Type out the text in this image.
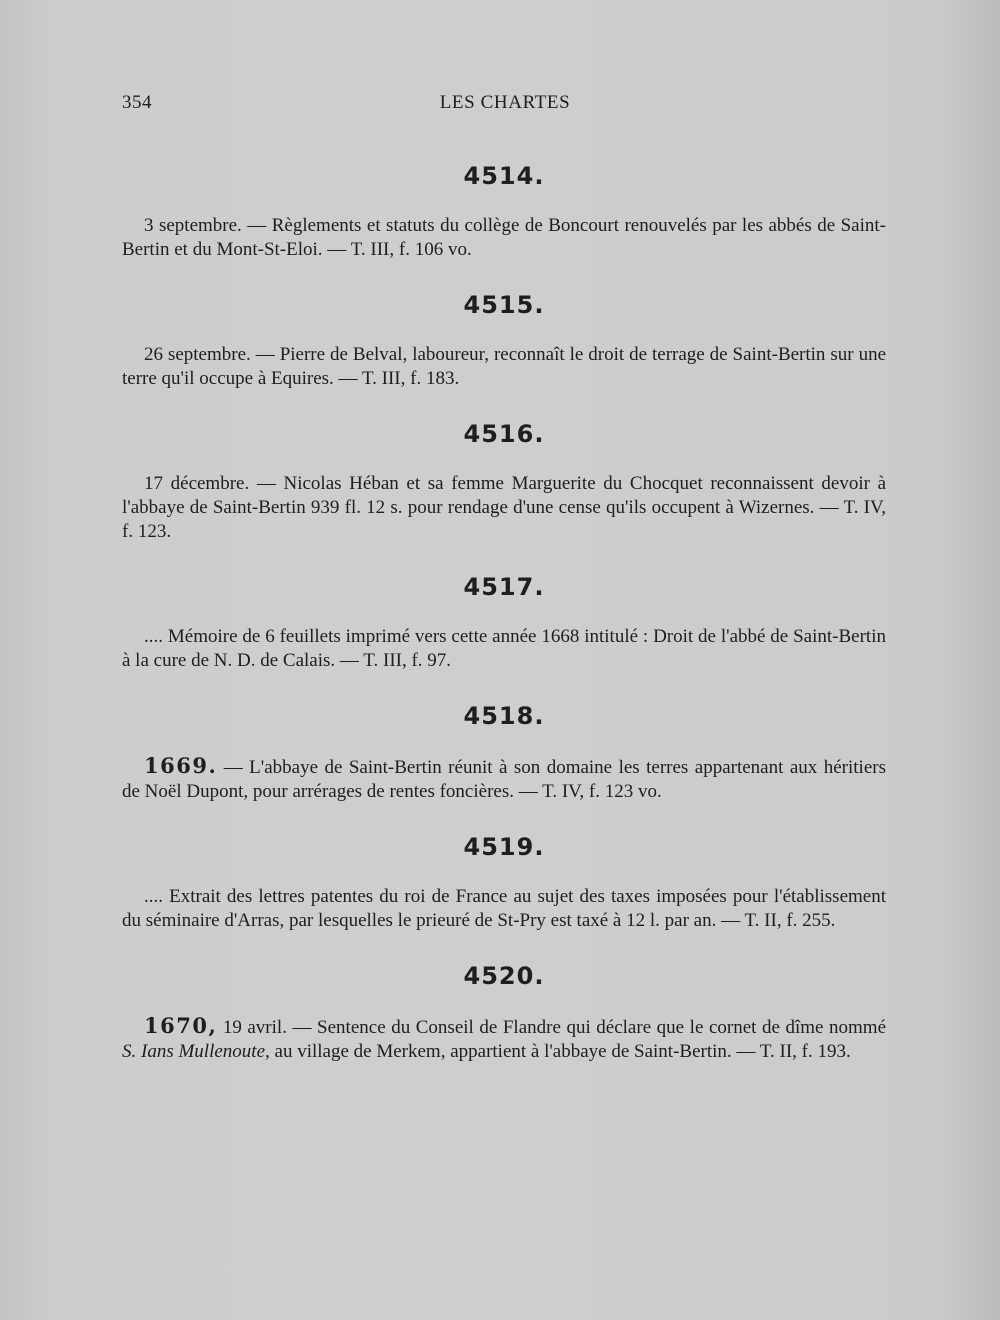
354	LES CHARTES
4514.

3 septembre. — Règlements et statuts du collège de Boncourt renouvelés par les abbés de Saint-Bertin et du Mont-St-Eloi. — T. III, f. 106 vo.

4515.

26 septembre. — Pierre de Belval, laboureur, reconnaît le droit de terrage de Saint-Bertin sur une terre qu'il occupe à Equires. — T. III, f. 183.

4516.

17 décembre. — Nicolas Héban et sa femme Marguerite du Chocquet reconnaissent devoir à l'abbaye de Saint-Bertin 939 fl. 12 s. pour rendage d'une cense qu'ils occupent à Wizernes. — T. IV, f. 123.

4517.

.... Mémoire de 6 feuillets imprimé vers cette année 1668 intitulé : Droit de l'abbé de Saint-Bertin à la cure de N. D. de Calais. — T. III, f. 97.

4518.

1669. — L'abbaye de Saint-Bertin réunit à son domaine les terres appartenant aux héritiers de Noël Dupont, pour arrérages de rentes foncières. — T. IV, f. 123 vo.

4519.

.... Extrait des lettres patentes du roi de France au sujet des taxes imposées pour l'établissement du séminaire d'Arras, par lesquelles le prieuré de St-Pry est taxé à 12 l. par an. — T. II, f. 255.

4520.

1670, 19 avril. — Sentence du Conseil de Flandre qui déclare que le cornet de dîme nommé S. Ians Mullenoute, au village de Merkem, appartient à l'abbaye de Saint-Bertin. — T. II, f. 193.
